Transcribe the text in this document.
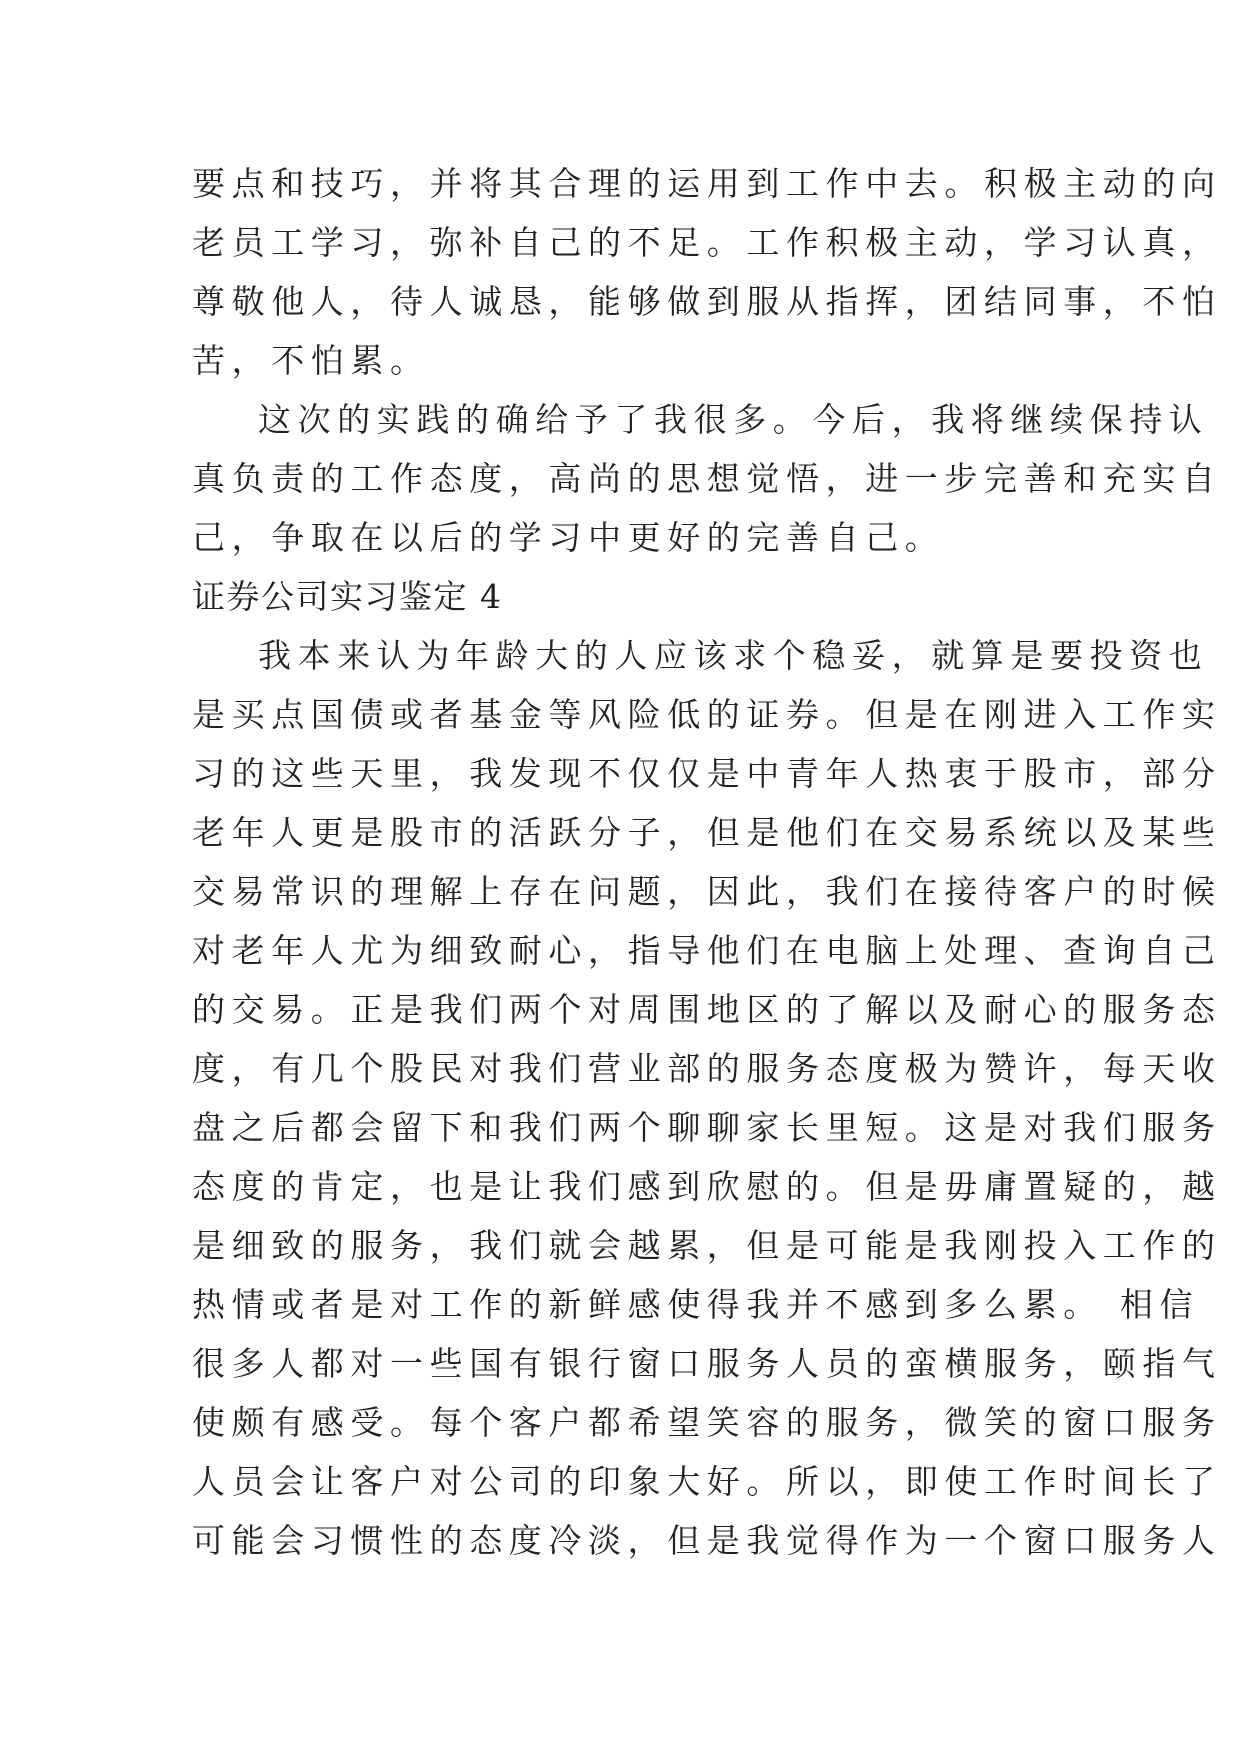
要点和技巧，并将其合理的运用到工作中去。积极主动的向
老员工学习，弥补自己的不足。工作积极主动，学习认真，
尊敬他人，待人诚恳，能够做到服从指挥，团结同事，不怕
苦，不怕累。
这次的实践的确给予了我很多。今后，我将继续保持认
真负责的工作态度，高尚的思想觉悟，进一步完善和充实自
己，争取在以后的学习中更好的完善自己。
证券公司实习鉴定 4
我本来认为年龄大的人应该求个稳妥，就算是要投资也
是买点国债或者基金等风险低的证券。但是在刚进入工作实
习的这些天里，我发现不仅仅是中青年人热衷于股市，部分
老年人更是股市的活跃分子，但是他们在交易系统以及某些
交易常识的理解上存在问题，因此，我们在接待客户的时候
对老年人尤为细致耐心，指导他们在电脑上处理、查询自己
的交易。正是我们两个对周围地区的了解以及耐心的服务态
度，有几个股民对我们营业部的服务态度极为赞许，每天收
盘之后都会留下和我们两个聊聊家长里短。这是对我们服务
态度的肯定，也是让我们感到欣慰的。但是毋庸置疑的，越
是细致的服务，我们就会越累，但是可能是我刚投入工作的
热情或者是对工作的新鲜感使得我并不感到多么累。 相信
很多人都对一些国有银行窗口服务人员的蛮横服务，颐指气
使颇有感受。每个客户都希望笑容的服务，微笑的窗口服务
人员会让客户对公司的印象大好。所以，即使工作时间长了
可能会习惯性的态度冷淡，但是我觉得作为一个窗口服务人
